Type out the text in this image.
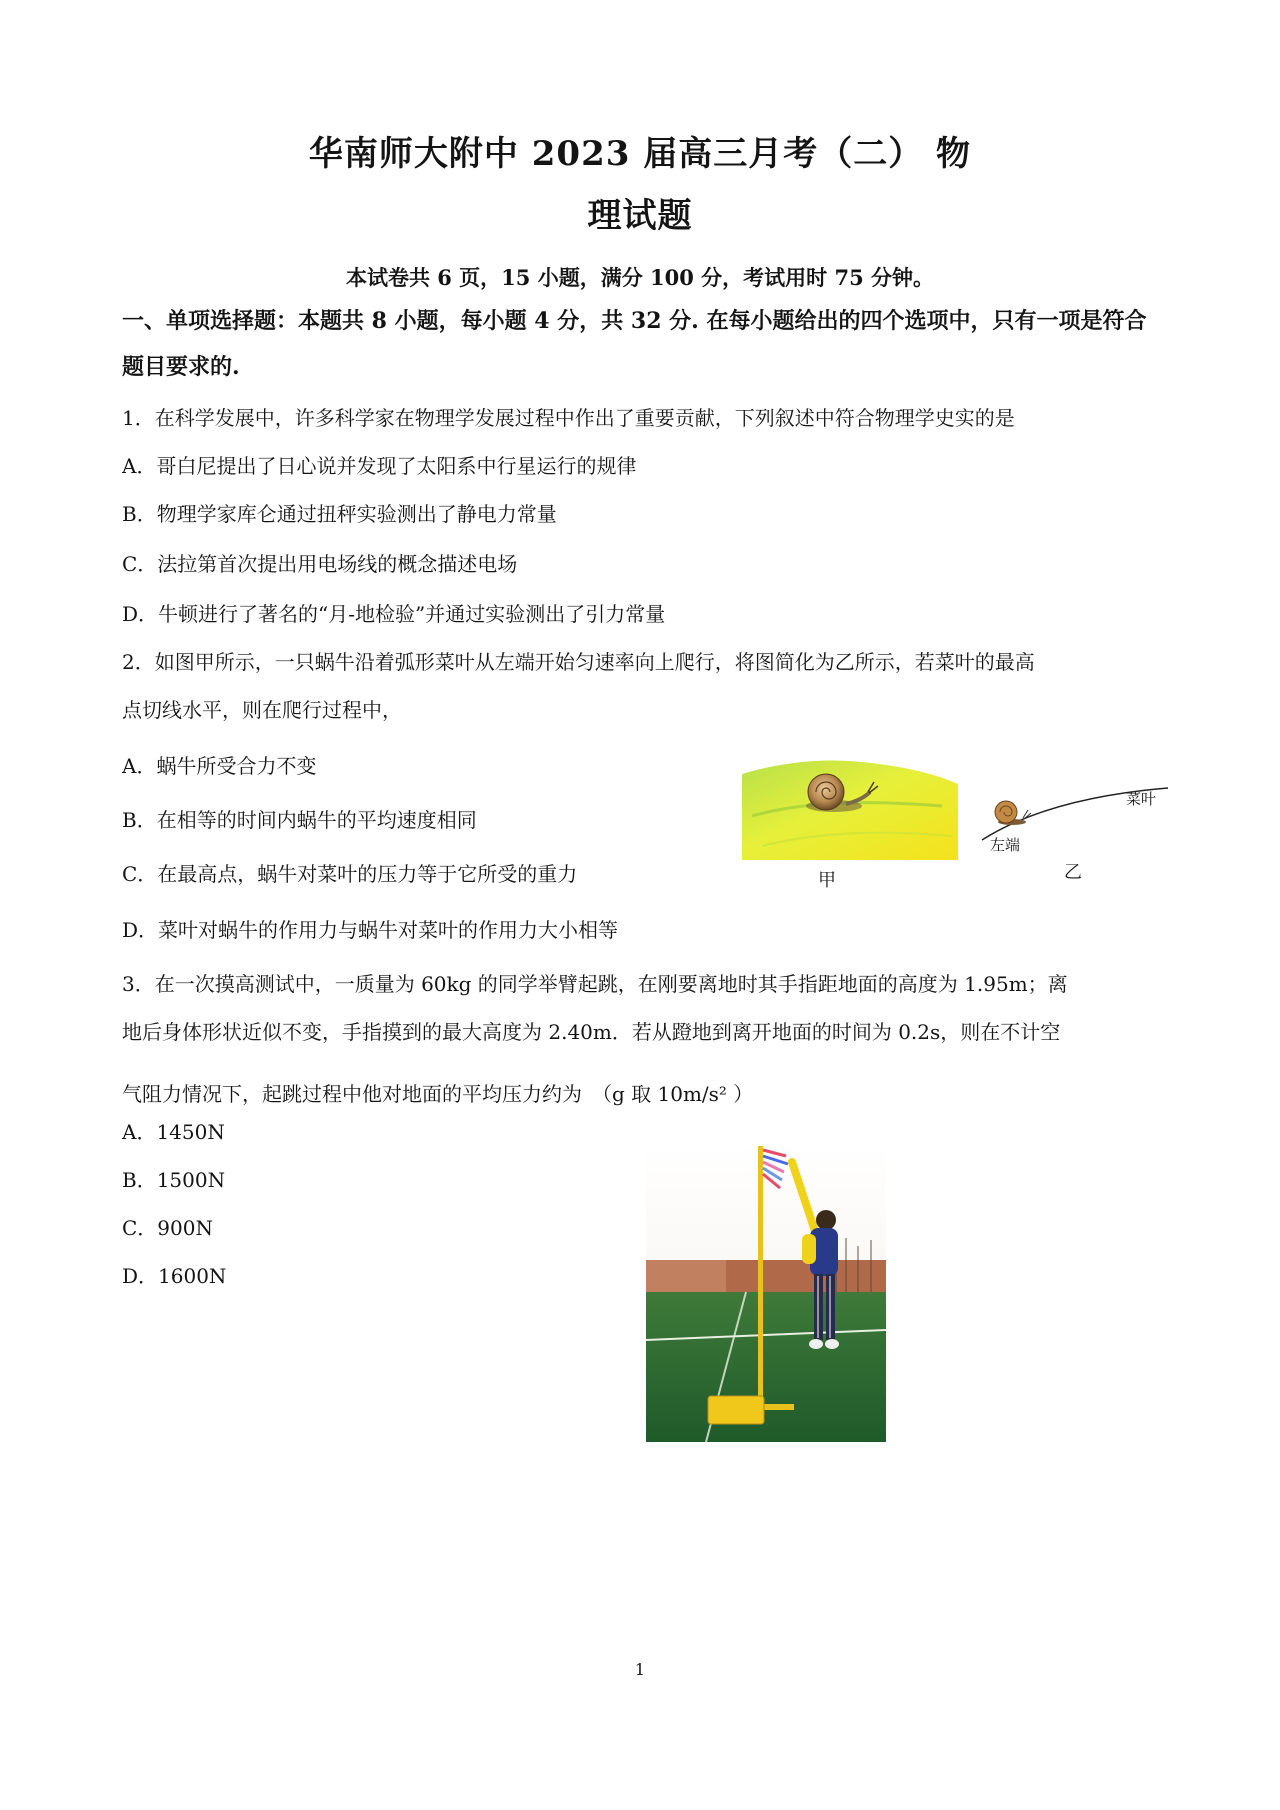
华南师大附中 2023 届高三月考（二） 物
理试题
本试卷共 6 页，15 小题，满分 100 分，考试用时 75 分钟。
一、单项选择题：本题共 8 小题，每小题 4 分，共 32 分. 在每小题给出的四个选项中，只有一项是符合题目要求的.
1．在科学发展中，许多科学家在物理学发展过程中作出了重要贡献，下列叙述中符合物理学史实的是
A．哥白尼提出了日心说并发现了太阳系中行星运行的规律
B．物理学家库仑通过扭秤实验测出了静电力常量
C．法拉第首次提出用电场线的概念描述电场
D．牛顿进行了著名的“月-地检验”并通过实验测出了引力常量
2．如图甲所示，一只蜗牛沿着弧形菜叶从左端开始匀速率向上爬行，将图简化为乙所示，若菜叶的最高
点切线水平，则在爬行过程中，
A．蜗牛所受合力不变
B．在相等的时间内蜗牛的平均速度相同
C．在最高点，蜗牛对菜叶的压力等于它所受的重力
D．菜叶对蜗牛的作用力与蜗牛对菜叶的作用力大小相等
甲
左端
菜叶
乙
3．在一次摸高测试中，一质量为 60kg 的同学举臂起跳，在刚要离地时其手指距地面的高度为 1.95m；离
地后身体形状近似不变，手指摸到的最大高度为 2.40m．若从蹬地到离开地面的时间为 0.2s，则在不计空
气阻力情况下，起跳过程中他对地面的平均压力约为　（g 取 10m/s² ）
A．1450N
B．1500N
C．900N
D．1600N
1
